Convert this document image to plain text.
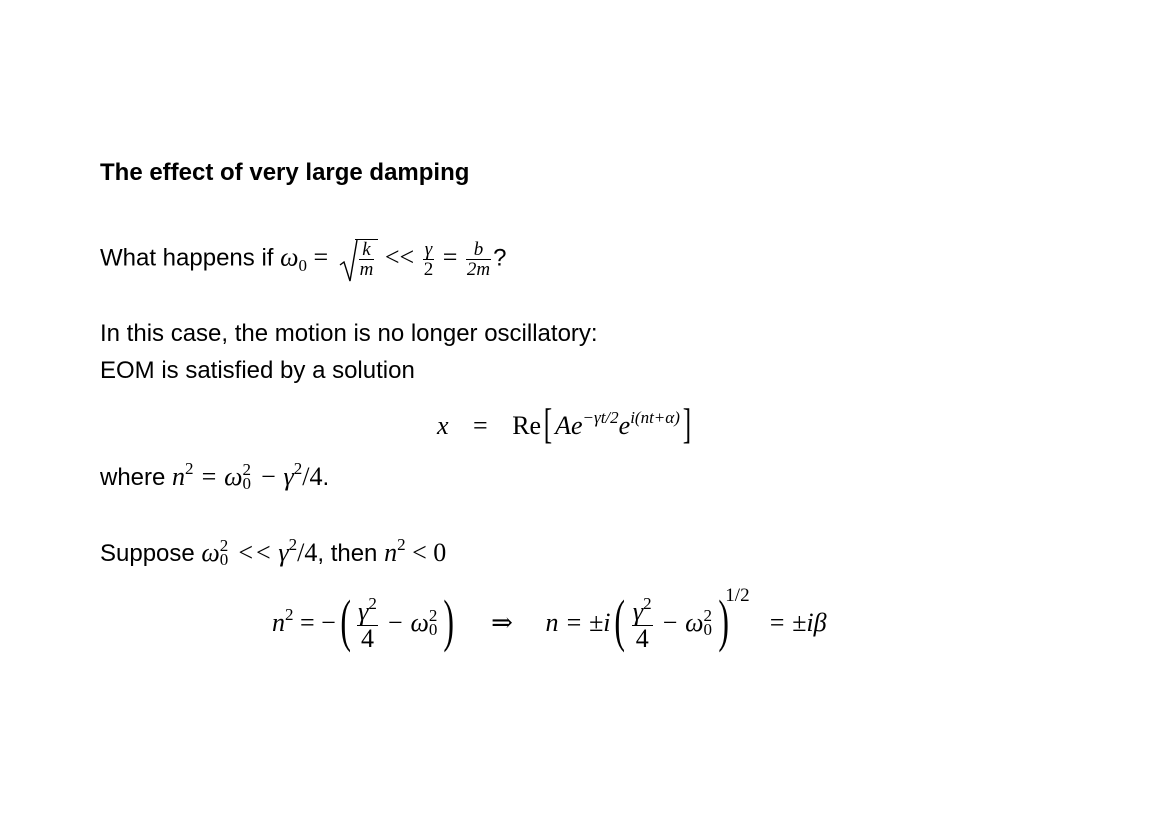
The effect of very large damping
What happens if $\omega_0 = \frac{k}{m} << \frac{\gamma}{2} = \frac{b}{2m}$ ?
In this case, the motion is no longer oscillatory:
EOM is satisfied by a solution
x = Re[ $Ae^{-\gamma t/2}e^{i(nt+\alpha)}$]
where $n^2 = \omega$ 2
$0 - \gamma^2/4$.
Suppose ω 2
$0 << \gamma^2/4$, then $n^2 < 0$
$n^2$ = −( $\frac{\gamma^2}{4} - \omega$ 2
0 ) ⇒ $n = \pm i( \frac{\gamma^2}{4} - \omega$ 2
0 )$^{1/2}$ = ±iβ
